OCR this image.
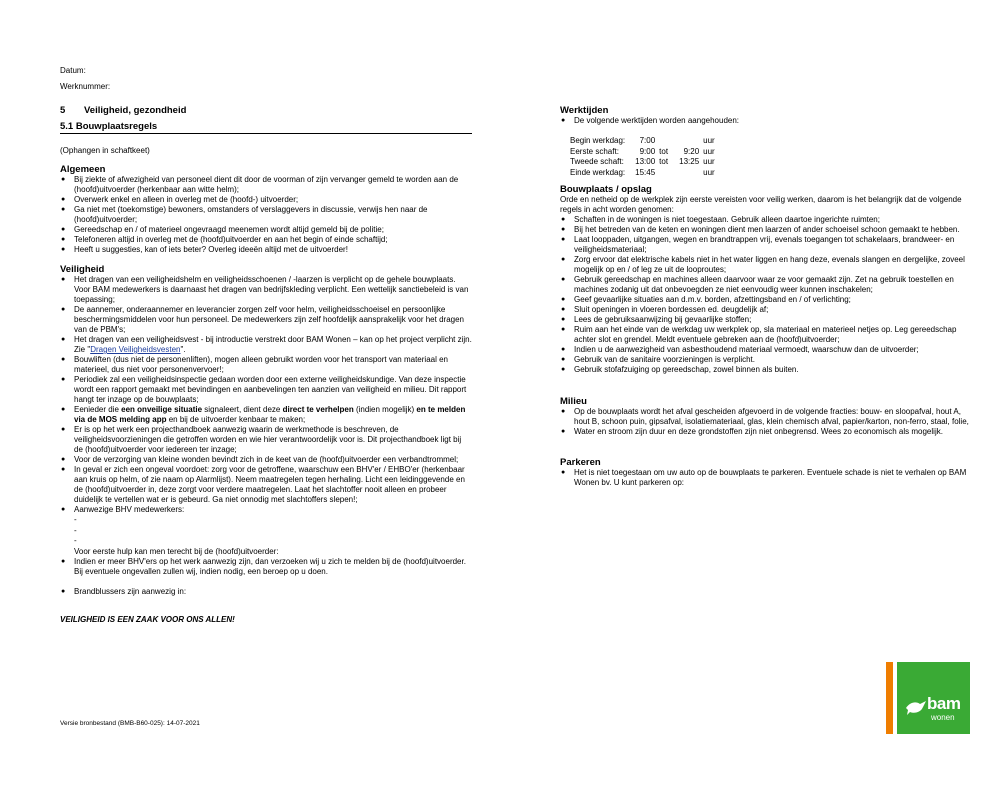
Datum:
Werknummer:
5 Veiligheid, gezondheid
5.1 Bouwplaatsregels
(Ophangen in schaftkeet)
Algemeen
● Bij ziekte of afwezigheid van personeel dient dit door de voorman of zijn vervanger gemeld te worden aan de (hoofd)uitvoerder (herkenbaar aan witte helm);
● Overwerk enkel en alleen in overleg met de (hoofd-) uitvoerder;
● Ga niet met (toekomstige) bewoners, omstanders of verslaggevers in discussie, verwijs hen naar de (hoofd)uitvoerder;
● Gereedschap en / of materieel ongevraagd meenemen wordt altijd gemeld bij de politie;
● Telefoneren altijd in overleg met de (hoofd)uitvoerder en aan het begin of einde schaftijd;
● Heeft u suggesties, kan of iets beter? Overleg ideeën altijd met de uitvoerder!
Veiligheid
● Het dragen van een veiligheidshelm en veiligheidsschoenen / -laarzen is verplicht op de gehele bouwplaats. Voor BAM medewerkers is daarnaast het dragen van bedrijfskleding verplicht. Een wettelijk sanctiebeleid is van toepassing;
● De aannemer, onderaannemer en leverancier zorgen zelf voor helm, veiligheidsschoeisel en persoonlijke beschermingsmiddelen voor hun personeel. De medewerkers zijn zelf hoofdelijk aansprakelijk voor het dragen van de PBM's;
● Het dragen van een veiligheidsvest - bij introductie verstrekt door BAM Wonen – kan op het project verplicht zijn. Zie "Dragen Veiligheidsvesten".
● Bouwliften (dus niet de personenliften), mogen alleen gebruikt worden voor het transport van materiaal en materieel, dus niet voor personenvervoer!;
● Periodiek zal een veiligheidsinspectie gedaan worden door een externe veiligheidskundige. Van deze inspectie wordt een rapport gemaakt met bevindingen en aanbevelingen ten aanzien van veiligheid en milieu. Dit rapport hangt ter inzage op de bouwplaats;
● Eenieder die een onveilige situatie signaleert, dient deze direct te verhelpen (indien mogelijk) en te melden via de MOS melding app en bij de uitvoerder kenbaar te maken;
● Er is op het werk een projecthandboek aanwezig waarin de werkmethode is beschreven, de veiligheidsvoorzieningen die getroffen worden en wie hier verantwoordelijk voor is. Dit projecthandboek ligt bij de (hoofd)uitvoerder voor iedereen ter inzage;
● Voor de verzorging van kleine wonden bevindt zich in de keet van de (hoofd)uitvoerder een verbandtrommel;
● In geval er zich een ongeval voordoet: zorg voor de getroffene, waarschuw een BHV'er / EHBO'er (herkenbaar aan kruis op helm, of zie naam op Alarmlijst). Neem maatregelen tegen herhaling. Licht een leidinggevende en de (hoofd)uitvoerder in, deze zorgt voor verdere maatregelen. Laat het slachtoffer nooit alleen en probeer duidelijk te vertellen wat er is gebeurd. Ga niet onnodig met slachtoffers slepen!;
● Aanwezige BHV medewerkers:
-
-
-
Voor eerste hulp kan men terecht bij de (hoofd)uitvoerder:
● Indien er meer BHV'ers op het werk aanwezig zijn, dan verzoeken wij u zich te melden bij de (hoofd)uitvoerder. Bij eventuele ongevallen zullen wij, indien nodig, een beroep op u doen.
● Brandblussers zijn aanwezig in:
VEILIGHEID IS EEN ZAAK VOOR ONS ALLEN!
Werktijden
● De volgende werktijden worden aangehouden:
Begin werkdag:	7:00			uur
Eerste schaft:	9:00	tot	9:20	uur
Tweede schaft:	13:00	tot	13:25	uur
Einde werkdag:	15:45			uur
Bouwplaats / opslag
Orde en netheid op de werkplek zijn eerste vereisten voor veilig werken, daarom is het belangrijk dat de volgende regels in acht worden genomen:
● Schaften in de woningen is niet toegestaan. Gebruik alleen daartoe ingerichte ruimten;
● Bij het betreden van de keten en woningen dient men laarzen of ander schoeisel schoon gemaakt te hebben.
● Laat looppaden, uitgangen, wegen en brandtrappen vrij, evenals toegangen tot schakelaars, brandweer- en veiligheidsmateriaal;
● Zorg ervoor dat elektrische kabels niet in het water liggen en hang deze, evenals slangen en dergelijke, zoveel mogelijk op en / of leg ze uit de looproutes;
● Gebruik gereedschap en machines alleen daarvoor waar ze voor gemaakt zijn. Zet na gebruik toestellen en machines zodanig uit dat onbevoegden ze niet eenvoudig weer kunnen inschakelen;
● Geef gevaarlijke situaties aan d.m.v. borden, afzettingsband en / of verlichting;
● Sluit openingen in vloeren bordessen ed. deugdelijk af;
● Lees de gebruiksaanwijzing bij gevaarlijke stoffen;
● Ruim aan het einde van de werkdag uw werkplek op, sla materiaal en materieel netjes op. Leg gereedschap achter slot en grendel. Meldt eventuele gebreken aan de (hoofd)uitvoerder;
● Indien u de aanwezigheid van asbesthoudend materiaal vermoedt, waarschuw dan de uitvoerder;
● Gebruik van de sanitaire voorzieningen is verplicht.
● Gebruik stofafzuiging op gereedschap, zowel binnen als buiten.
Milieu
● Op de bouwplaats wordt het afval gescheiden afgevoerd in de volgende fracties: bouw- en sloopafval, hout A, hout B, schoon puin, gipsafval, isolatiemateriaal, glas, klein chemisch afval, papier/karton, non-ferro, staal, folie,
● Water en stroom zijn duur en deze grondstoffen zijn niet onbegrensd. Wees zo economisch als mogelijk.
Parkeren
● Het is niet toegestaan om uw auto op de bouwplaats te parkeren. Eventuele schade is niet te verhalen op BAM Wonen bv. U kunt parkeren op:
Versie bronbestand (BMB-B60-025): 14-07-2021
bam
wonen
